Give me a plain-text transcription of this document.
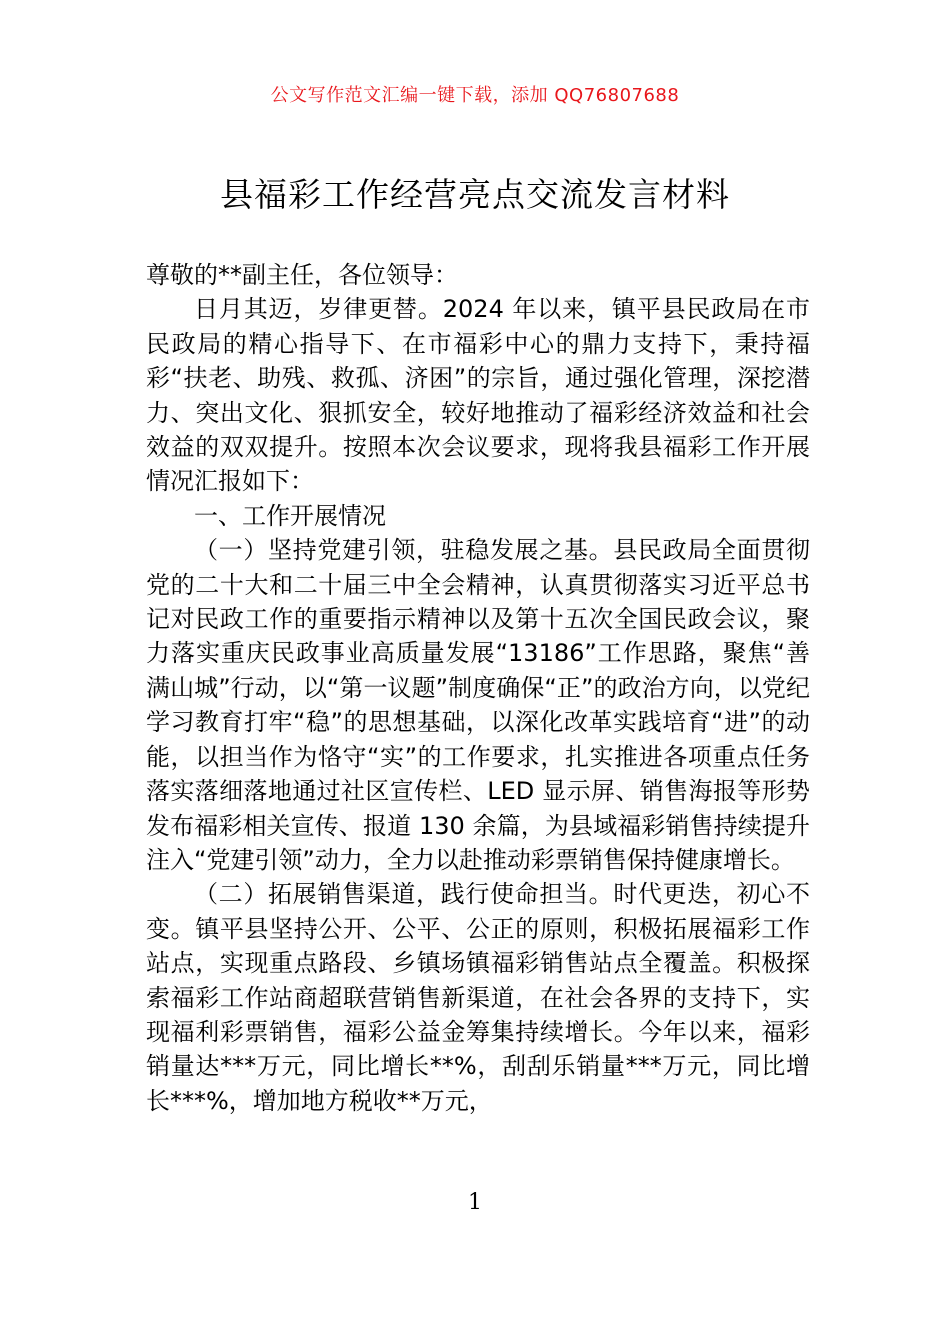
公文写作范文汇编一键下载，添加 QQ76807688
县福彩工作经营亮点交流发言材料

尊敬的**副主任，各位领导：

日月其迈，岁律更替。2024 年以来，镇平县民政局在市民政局的精心指导下、在市福彩中心的鼎力支持下，秉持福彩“扶老、助残、救孤、济困”的宗旨，通过强化管理，深挖潜力、突出文化、狠抓安全，较好地推动了福彩经济效益和社会效益的双双提升。按照本次会议要求，现将我县福彩工作开展情况汇报如下：

一、工作开展情况

（一）坚持党建引领，驻稳发展之基。县民政局全面贯彻党的二十大和二十届三中全会精神，认真贯彻落实习近平总书记对民政工作的重要指示精神以及第十五次全国民政会议，聚力落实重庆民政事业高质量发展“13186”工作思路，聚焦“善满山城”行动，以“第一议题”制度确保“正”的政治方向，以党纪学习教育打牢“稳”的思想基础，以深化改革实践培育“进”的动能，以担当作为恪守“实”的工作要求，扎实推进各项重点任务落实落细落地通过社区宣传栏、LED 显示屏、销售海报等形势发布福彩相关宣传、报道 130 余篇，为县域福彩销售持续提升注入“党建引领”动力，全力以赴推动彩票销售保持健康增长。

（二）拓展销售渠道，践行使命担当。时代更迭，初心不变。镇平县坚持公开、公平、公正的原则，积极拓展福彩工作站点，实现重点路段、乡镇场镇福彩销售站点全覆盖。积极探索福彩工作站商超联营销售新渠道，在社会各界的支持下，实现福利彩票销售，福彩公益金筹集持续增长。今年以来，福彩销量达***万元，同比增长**%，刮刮乐销量***万元，同比增长***%，增加地方税收**万元，

1
